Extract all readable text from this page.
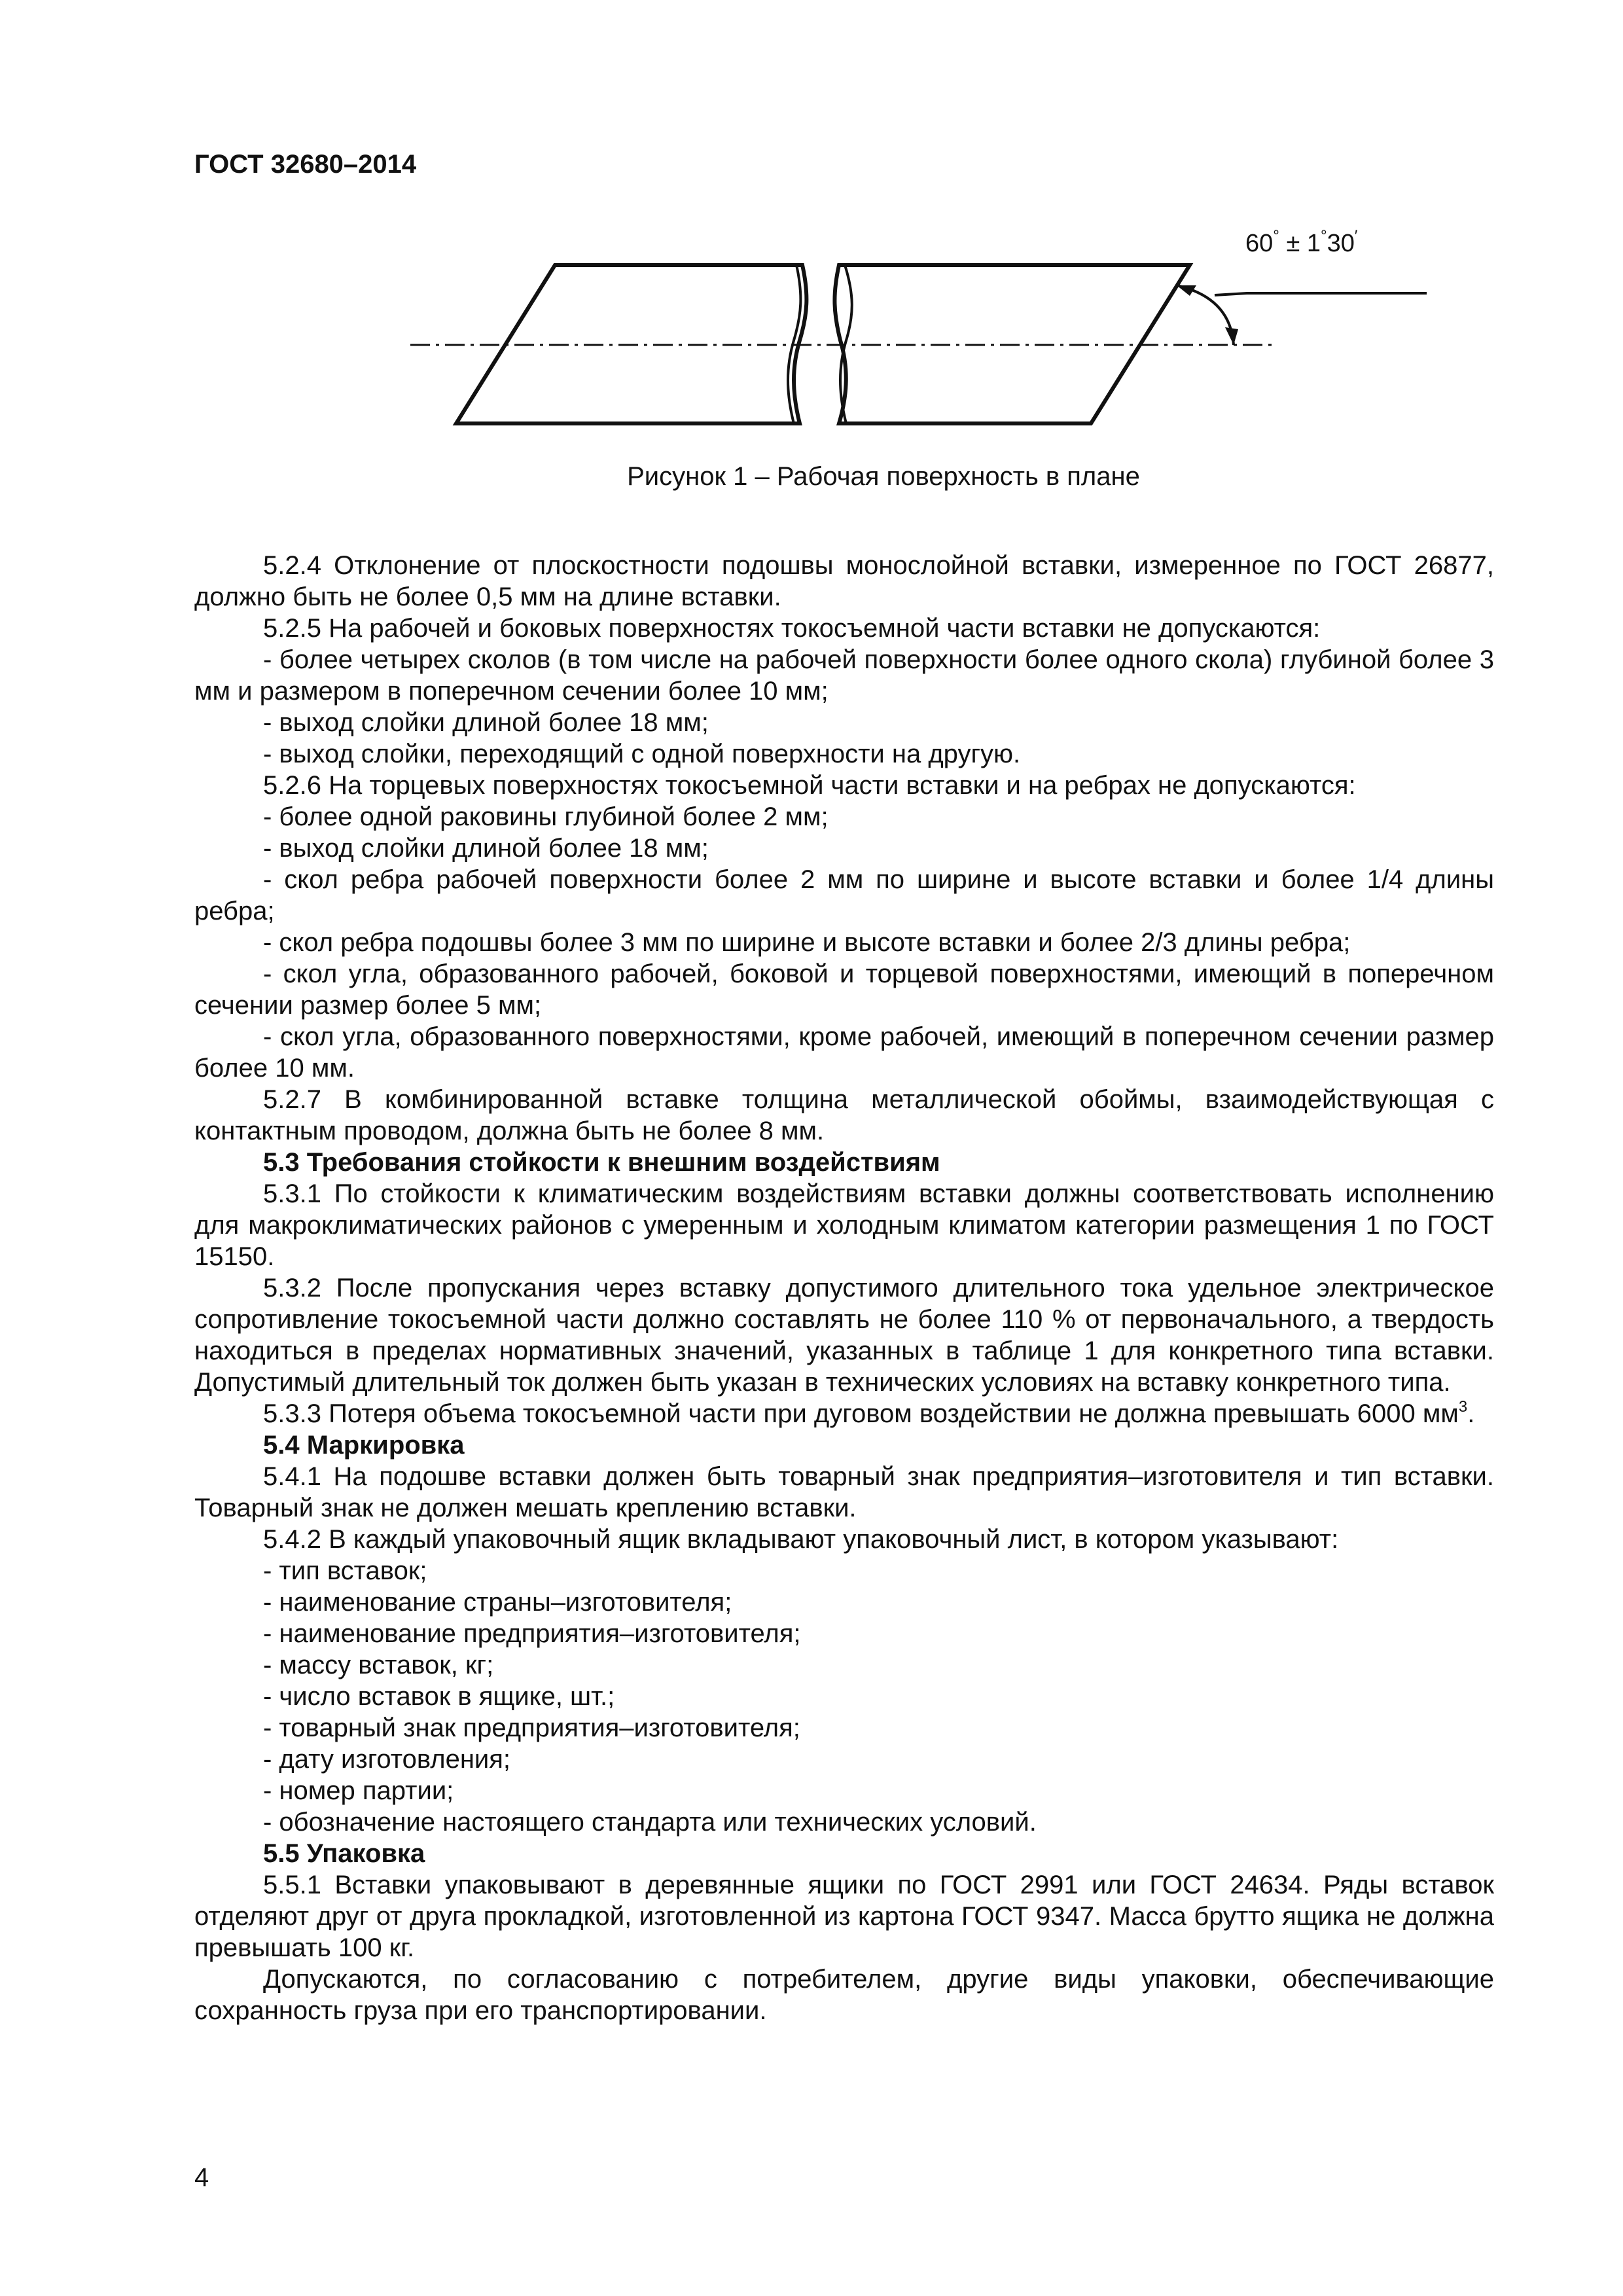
ГОСТ 32680–2014
60° ± 1°30′
Рисунок 1 – Рабочая поверхность в плане

5.2.4 Отклонение от плоскостности подошвы монослойной вставки, измеренное по ГОСТ 26877, должно быть не более 0,5 мм на длине вставки.

5.2.5 На рабочей и боковых поверхностях токосъемной части вставки не допускаются:

- более четырех сколов (в том числе на рабочей поверхности более одного скола) глубиной более 3 мм и размером в поперечном сечении более 10 мм;

- выход слойки длиной более 18 мм;

- выход слойки, переходящий с одной поверхности на другую.

5.2.6 На торцевых поверхностях токосъемной части вставки и на ребрах не допускаются:

- более одной раковины глубиной более 2 мм;

- выход слойки длиной более 18 мм;

- скол ребра рабочей поверхности более 2 мм по ширине и высоте вставки и более 1/4 длины ребра;

- скол ребра подошвы более 3 мм по ширине и высоте вставки и более 2/3 длины ребра;

- скол угла, образованного рабочей, боковой и торцевой поверхностями, имеющий в поперечном сечении размер более 5 мм;

- скол угла, образованного поверхностями, кроме рабочей, имеющий в поперечном сечении размер более 10 мм.

5.2.7 В комбинированной вставке толщина металлической обоймы, взаимодействующая с контактным проводом, должна быть не более 8 мм.

5.3 Требования стойкости к внешним воздействиям

5.3.1 По стойкости к климатическим воздействиям вставки должны соответствовать исполнению для макроклиматических районов с умеренным и холодным климатом категории размещения 1 по ГОСТ 15150.

5.3.2 После пропускания через вставку допустимого длительного тока удельное электрическое сопротивление токосъемной части должно составлять не более 110 % от первоначального, а твердость находиться в пределах нормативных значений, указанных в таблице 1 для конкретного типа вставки. Допустимый длительный ток должен быть указан в технических условиях на вставку конкретного типа.

5.3.3 Потеря объема токосъемной части при дуговом воздействии не должна превышать 6000 $мм^3$.

5.4 Маркировка

5.4.1 На подошве вставки должен быть товарный знак предприятия–изготовителя и тип вставки. Товарный знак не должен мешать креплению вставки.

5.4.2 В каждый упаковочный ящик вкладывают упаковочный лист, в котором указывают:

- тип вставок;

- наименование страны–изготовителя;

- наименование предприятия–изготовителя;

- массу вставок, кг;

- число вставок в ящике, шт.;

- товарный знак предприятия–изготовителя;

- дату изготовления;

- номер партии;

- обозначение настоящего стандарта или технических условий.

5.5 Упаковка

5.5.1 Вставки упаковывают в деревянные ящики по ГОСТ 2991 или ГОСТ 24634. Ряды вставок отделяют друг от друга прокладкой, изготовленной из картона ГОСТ 9347. Масса брутто ящика не должна превышать 100 кг.

Допускаются, по согласованию с потребителем, другие виды упаковки, обеспечивающие сохранность груза при его транспортировании.

4
